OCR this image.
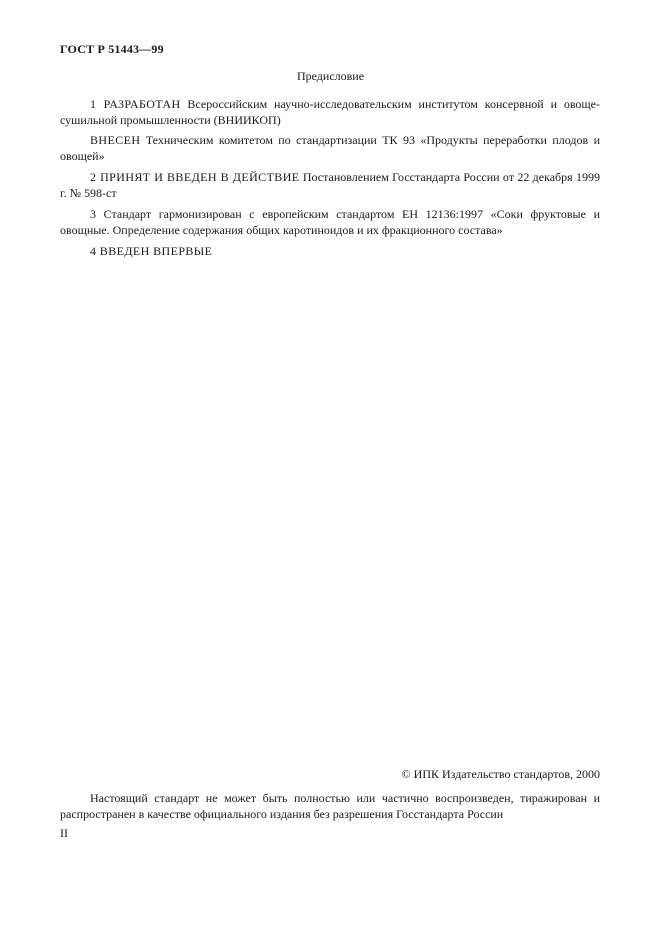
ГОСТ Р 51443—99
Предисловие
1 РАЗРАБОТАН Всероссийским научно-исследовательским институтом консервной и овоще-сушильной промышленности (ВНИИКОП)
ВНЕСЕН Техническим комитетом по стандартизации ТК 93 «Продукты переработки плодов и овощей»
2 ПРИНЯТ И ВВЕДЕН В ДЕЙСТВИЕ Постановлением Госстандарта России от 22 декабря 1999 г. № 598-ст
3 Стандарт гармонизирован с европейским стандартом ЕН 12136:1997 «Соки фруктовые и овощные. Определение содержания общих каротиноидов и их фракционного состава»
4 ВВЕДЕН ВПЕРВЫЕ
© ИПК Издательство стандартов, 2000
Настоящий стандарт не может быть полностью или частично воспроизведен, тиражирован и распространен в качестве официального издания без разрешения Госстандарта России
II
